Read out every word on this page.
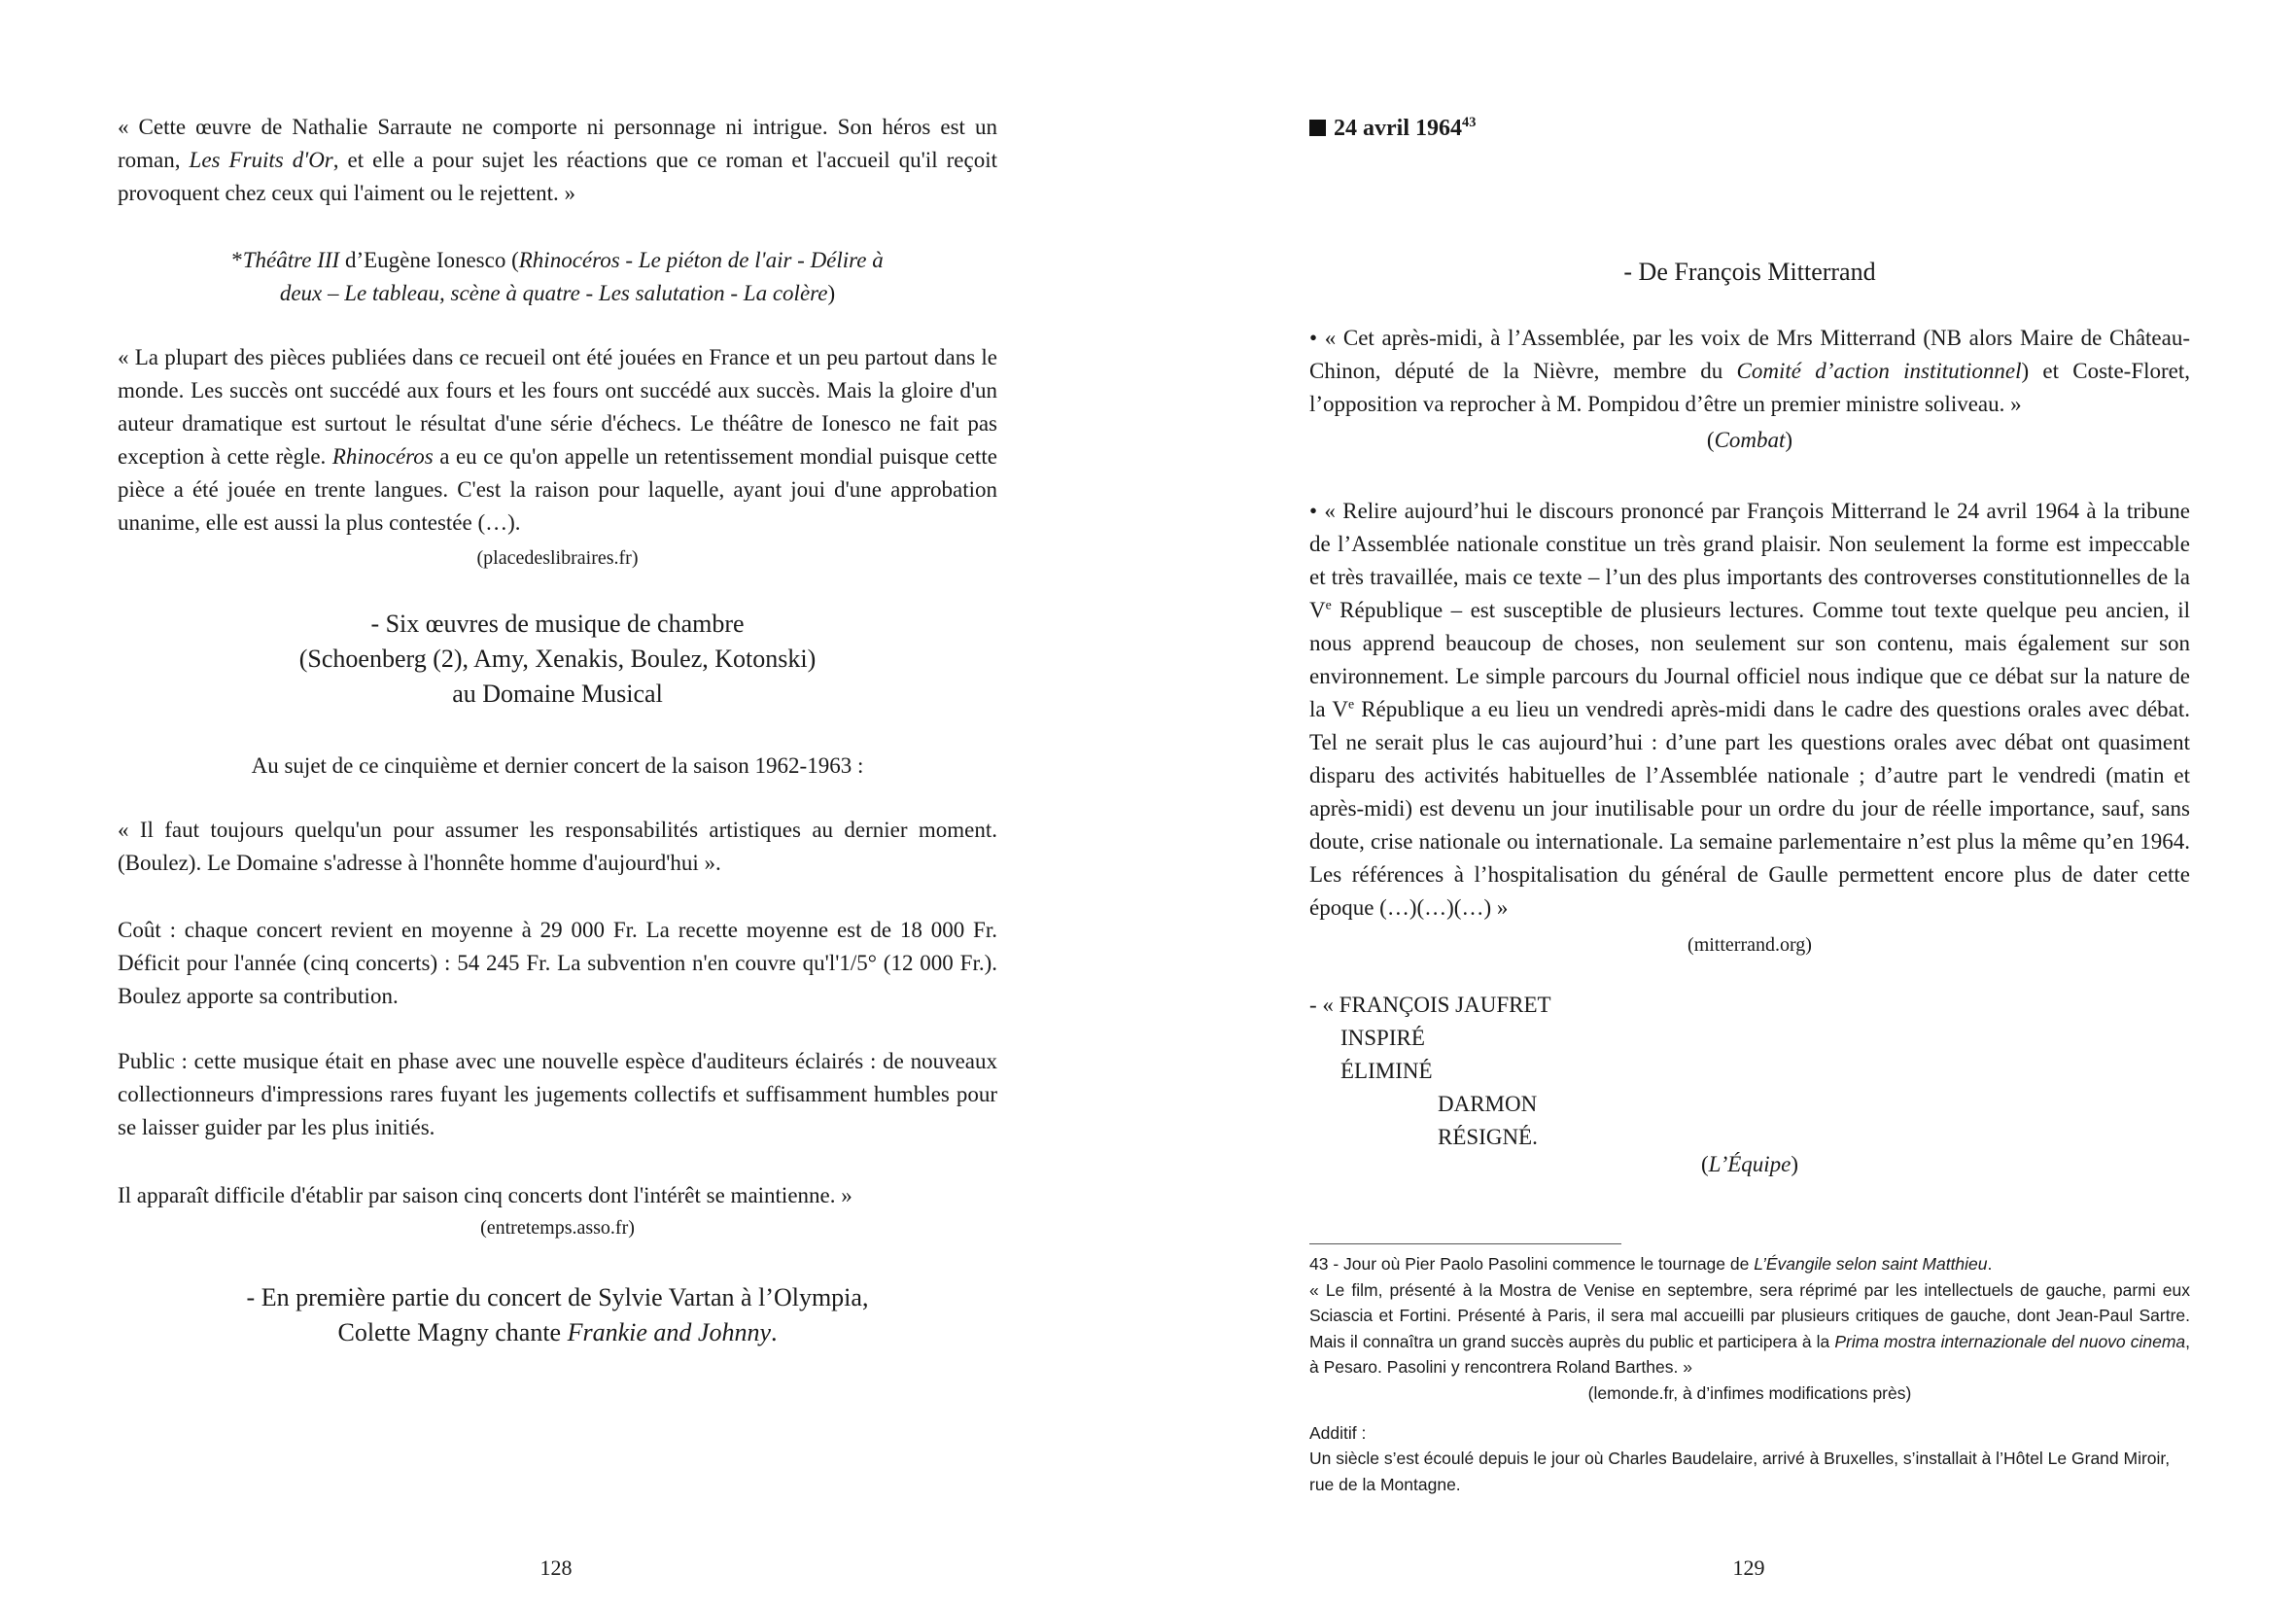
« Cette œuvre de Nathalie Sarraute ne comporte ni personnage ni intrigue. Son héros est un roman, Les Fruits d'Or, et elle a pour sujet les réactions que ce roman et l'accueil qu'il reçoit provoquent chez ceux qui l'aiment ou le rejettent. »

*Théâtre III d’Eugène Ionesco (Rhinocéros - Le piéton de l'air - Délire à deux – Le tableau, scène à quatre - Les salutation - La colère)

« La plupart des pièces publiées dans ce recueil ont été jouées en France et un peu partout dans le monde. Les succès ont succédé aux fours et les fours ont succédé aux succès. Mais la gloire d'un auteur dramatique est surtout le résultat d'une série d'échecs. Le théâtre de Ionesco ne fait pas exception à cette règle. Rhinocéros a eu ce qu'on appelle un retentissement mondial puisque cette pièce a été jouée en trente langues. C'est la raison pour laquelle, ayant joui d'une approbation unanime, elle est aussi la plus contestée (…).

(placedeslibraires.fr)

- Six œuvres de musique de chambre
(Schoenberg (2), Amy, Xenakis, Boulez, Kotonski)
au Domaine Musical

Au sujet de ce cinquième et dernier concert de la saison 1962-1963 :

« Il faut toujours quelqu'un pour assumer les responsabilités artistiques au dernier moment. (Boulez). Le Domaine s'adresse à l'honnête homme d'aujourd'hui ».

Coût : chaque concert revient en moyenne à 29 000 Fr. La recette moyenne est de 18 000 Fr. Déficit pour l'année (cinq concerts) : 54 245 Fr. La subvention n'en couvre qu'l'1/5° (12 000 Fr.). Boulez apporte sa contribution.

Public : cette musique était en phase avec une nouvelle espèce d'auditeurs éclairés : de nouveaux collectionneurs d'impressions rares fuyant les jugements collectifs et suffisamment humbles pour se laisser guider par les plus initiés.

Il apparaît difficile d'établir par saison cinq concerts dont l'intérêt se maintienne. »

(entretemps.asso.fr)

- En première partie du concert de Sylvie Vartan à l’Olympia,
Colette Magny chante Frankie and Johnny.
128
24 avril 1964$^{43}$

- De François Mitterrand

• « Cet après-midi, à l’Assemblée, par les voix de Mrs Mitterrand (NB alors Maire de Château-Chinon, député de la Nièvre, membre du Comité d’action institutionnel) et Coste-Floret, l’opposition va reprocher à M. Pompidou d’être un premier ministre soliveau. »

(Combat)

• « Relire aujourd’hui le discours prononcé par François Mitterrand le 24 avril 1964 à la tribune de l’Assemblée nationale constitue un très grand plaisir. Non seulement la forme est impeccable et très travaillée, mais ce texte – l’un des plus importants des controverses constitutionnelles de la Ve République – est susceptible de plusieurs lectures. Comme tout texte quelque peu ancien, il nous apprend beaucoup de choses, non seulement sur son contenu, mais également sur son environnement. Le simple parcours du Journal officiel nous indique que ce débat sur la nature de la Ve République a eu lieu un vendredi après-midi dans le cadre des questions orales avec débat. Tel ne serait plus le cas aujourd’hui : d’une part les questions orales avec débat ont quasiment disparu des activités habituelles de l’Assemblée nationale ; d’autre part le vendredi (matin et après-midi) est devenu un jour inutilisable pour un ordre du jour de réelle importance, sauf, sans doute, crise nationale ou internationale. La semaine parlementaire n’est plus la même qu’en 1964. Les références à l’hospitalisation du général de Gaulle permettent encore plus de dater cette époque (…)(…)(…) »

(mitterrand.org)

- « FRANÇOIS JAUFRET
INSPIRÉ
ÉLIMINÉ
DARMON
RÉSIGNÉ.

(L’Équipe)

43 - Jour où Pier Paolo Pasolini commence le tournage de L’Évangile selon saint Matthieu.
« Le film, présenté à la Mostra de Venise en septembre, sera réprimé par les intellectuels de gauche, parmi eux Sciascia et Fortini. Présenté à Paris, il sera mal accueilli par plusieurs critiques de gauche, dont Jean-Paul Sartre. Mais il connaîtra un grand succès auprès du public et participera à la Prima mostra internazionale del nuovo cinema, à Pesaro. Pasolini y rencontrera Roland Barthes. »
(lemonde.fr, à d’infimes modifications près)
Additif :
Un siècle s’est écoulé depuis le jour où Charles Baudelaire, arrivé à Bruxelles, s’installait à l’Hôtel Le Grand Miroir, rue de la Montagne.
129
